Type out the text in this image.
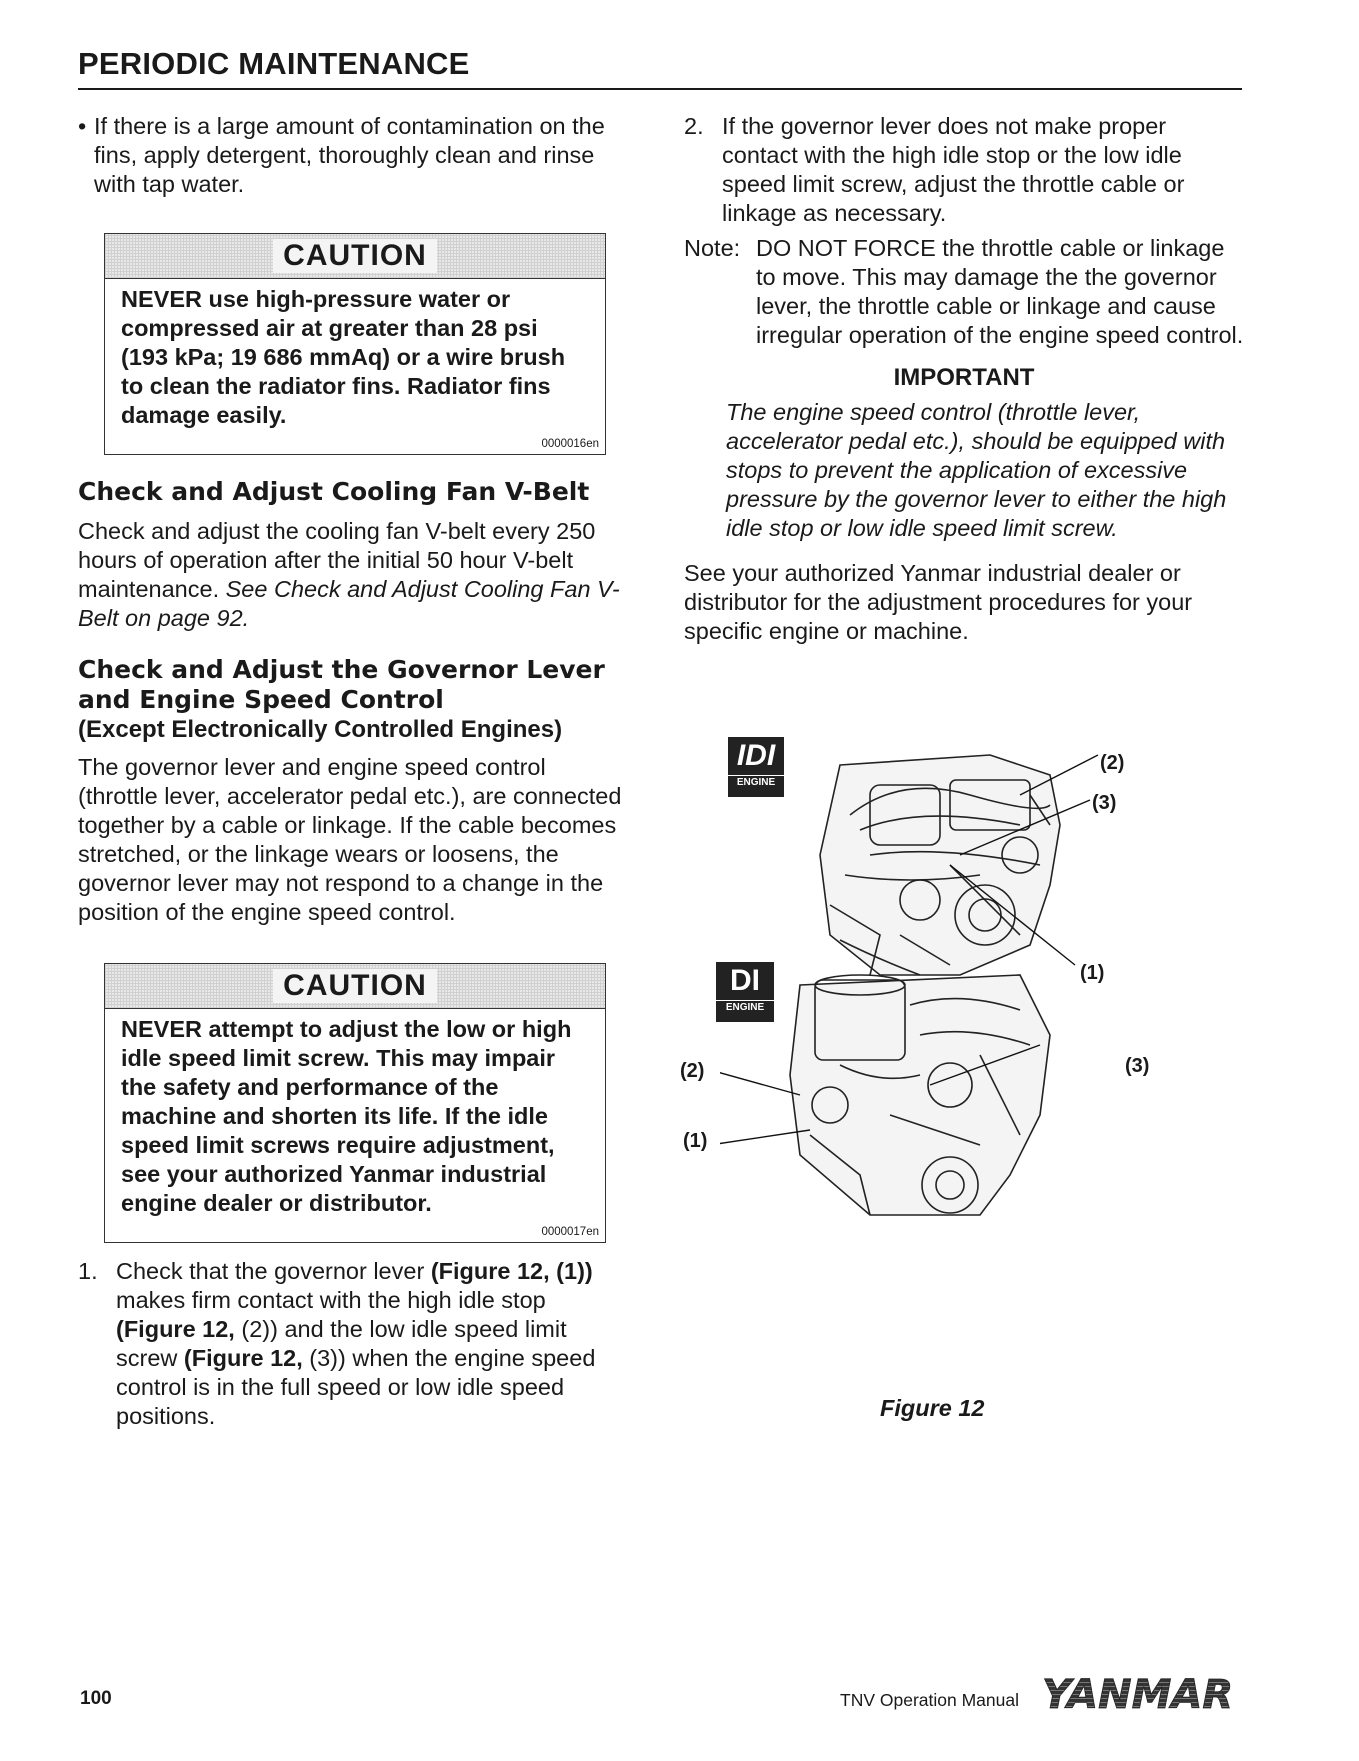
PERIODIC MAINTENANCE
• If there is a large amount of contamination on the fins, apply detergent, thoroughly clean and rinse with tap water.

CAUTION
NEVER use high-pressure water or compressed air at greater than 28 psi (193 kPa; 19 686 mmAq) or a wire brush to clean the radiator fins. Radiator fins damage easily.
0000016en
Check and Adjust Cooling Fan V-Belt

Check and adjust the cooling fan V-belt every 250 hours of operation after the initial 50 hour V-belt maintenance. See Check and Adjust Cooling Fan V-Belt on page 92.

Check and Adjust the Governor Lever and Engine Speed Control
(Except Electronically Controlled Engines)

The governor lever and engine speed control (throttle lever, accelerator pedal etc.), are connected together by a cable or linkage. If the cable becomes stretched, or the linkage wears or loosens, the governor lever may not respond to a change in the position of the engine speed control.

CAUTION
NEVER attempt to adjust the low or high idle speed limit screw. This may impair the safety and performance of the machine and shorten its life. If the idle speed limit screws require adjustment, see your authorized Yanmar industrial engine dealer or distributor.
0000017en
1. Check that the governor lever (Figure 12, (1)) makes firm contact with the high idle stop (Figure 12, (2)) and the low idle speed limit screw (Figure 12, (3)) when the engine speed control is in the full speed or low idle speed positions.

2. If the governor lever does not make proper contact with the high idle stop or the low idle speed limit screw, adjust the throttle cable or linkage as necessary.

Note: DO NOT FORCE the throttle cable or linkage to move. This may damage the the governor lever, the throttle cable or linkage and cause irregular operation of the engine speed control.

IMPORTANT

The engine speed control (throttle lever, accelerator pedal etc.), should be equipped with stops to prevent the application of excessive pressure by the governor lever to either the high idle stop or low idle speed limit screw.

See your authorized Yanmar industrial dealer or distributor for the adjustment procedures for your specific engine or machine.

IDI
ENGINE
DI
ENGINE
(2)
(3)
(1)
(2)	(3)
(1)
Figure 12
100	TNV Operation Manual YANMAR
